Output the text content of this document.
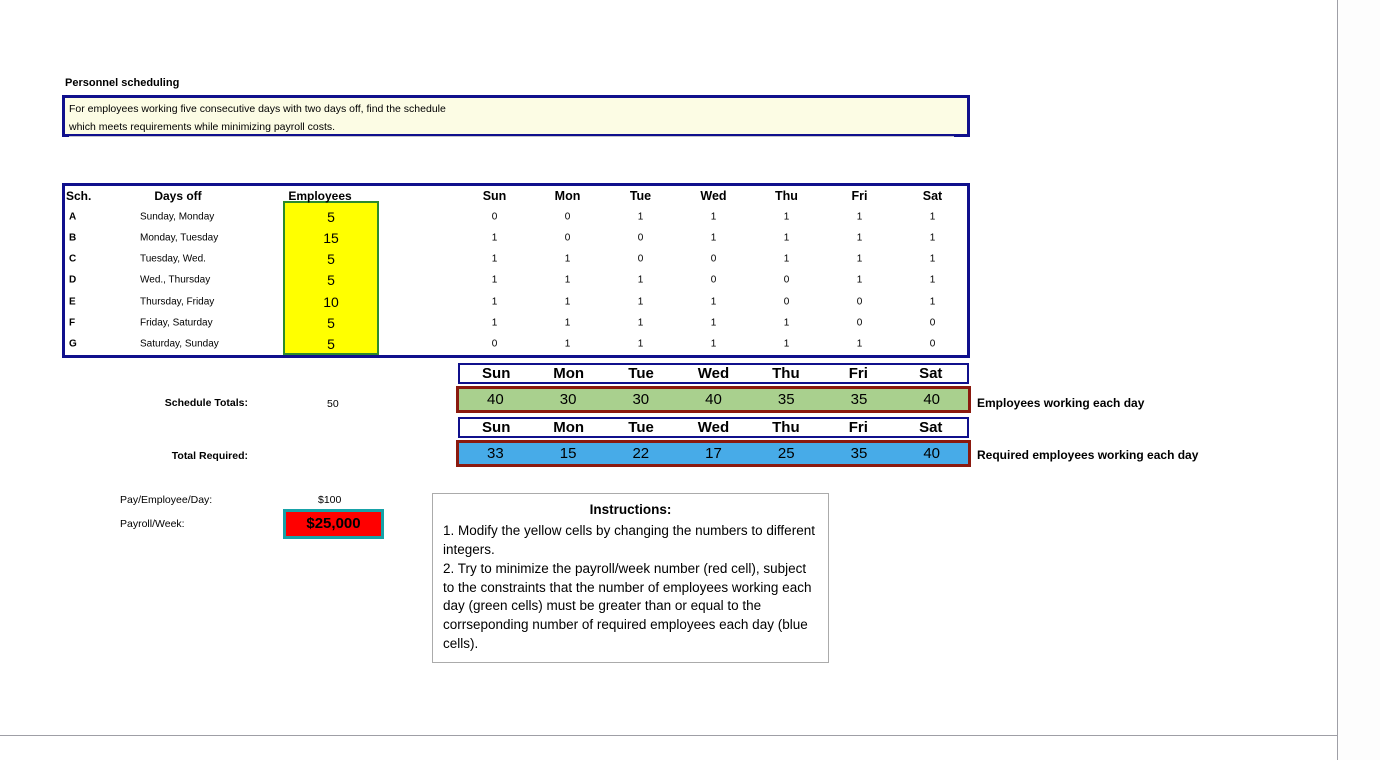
Personnel scheduling
For employees working five consecutive days with two days off, find the schedule
which meets requirements while minimizing payroll costs.
Sch.	Days off	Employees	Sun	Mon	Tue	Wed	Thu	Fri	Sat
A	Sunday, Monday	5	0	0	1	1	1	1	1
B	Monday, Tuesday	15	1	0	0	1	1	1	1
C	Tuesday, Wed.	5	1	1	0	0	1	1	1
D	Wed., Thursday	5	1	1	1	0	0	1	1
E	Thursday, Friday	10	1	1	1	1	0	0	1
F	Friday, Saturday	5	1	1	1	1	1	0	0
G	Saturday, Sunday	5	0	1	1	1	1	1	0
Sun	Mon	Tue	Wed	Thu	Fri	Sat
Schedule Totals:	50	40	30	30	40	35	35	40	Employees working each day
Sun	Mon	Tue	Wed	Thu	Fri	Sat
Total Required:	33	15	22	17	25	35	40	Required employees working each day
Pay/Employee/Day:	$100
Payroll/Week:	$25,000
Instructions:
1. Modify the yellow cells by changing the numbers to different integers.
2. Try to minimize the payroll/week number (red cell), subject to the constraints that the number of employees working each day (green cells) must be greater than or equal to the corrseponding number of required employees each day (blue cells).
